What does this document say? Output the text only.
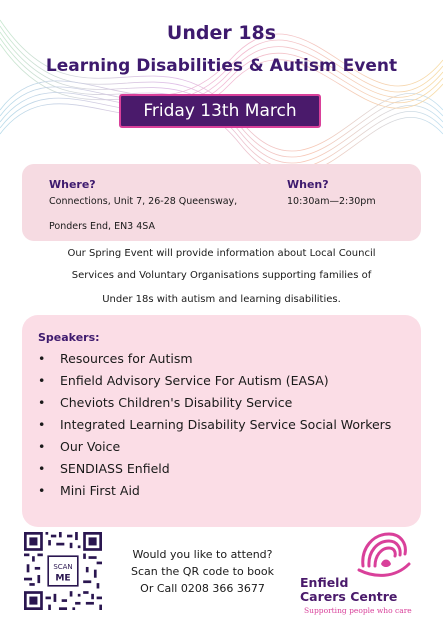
Under 18s
Learning Disabilities & Autism Event
Friday 13th March
Where?
Connections, Unit 7, 26-28 Queensway,
Ponders End, EN3 4SA
When?
10:30am—2:30pm
Our Spring Event will provide information about Local Council
Services and Voluntary Organisations supporting families of
Under 18s with autism and learning disabilities.
Speakers:
• Resources for Autism
• Enfield Advisory Service For Autism (EASA)
• Cheviots Children's Disability Service
• Integrated Learning Disability Service Social Workers
• Our Voice
• SENDIASS Enfield
• Mini First Aid
SCAN
ME
Would you like to attend?
Scan the QR code to book
Or Call 0208 366 3677	Enfield
Carers Centre
Supporting people who care
